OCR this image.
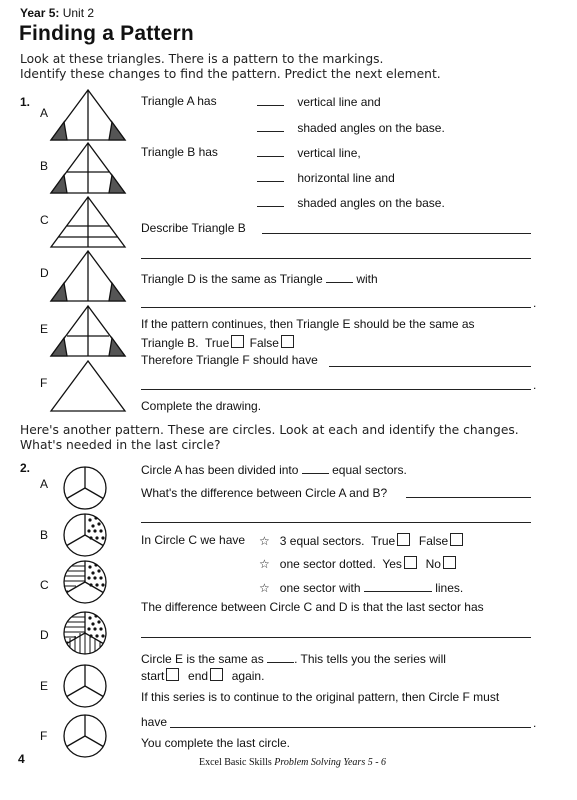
Year 5: Unit 2
Finding a Pattern
Look at these triangles. There is a pattern to the markings.
Identify these changes to find the pattern. Predict the next element.
1.
A
B
C
D
E
F
Triangle A has	vertical line and
shaded angles on the base.
Triangle B has	vertical line,
horizontal line and
shaded angles on the base.
Describe Triangle B
Triangle D is the same as Triangle	with
.
If the pattern continues, then Triangle E should be the same as
Triangle B. True False
Therefore Triangle F should have
.
Complete the drawing.
Here's another pattern. These are circles. Look at each and identify the changes.
What's needed in the last circle?
2.
A
B
C
D
E
F
Circle A has been divided into	equal sectors.
What's the difference between Circle A and B?
In Circle C we have ☆ 3 equal sectors. True False
☆ one sector dotted. Yes No
☆ one sector with	lines.
The difference between Circle C and D is that the last sector has
Circle E is the same as	. This tells you the series will
start end again.
If this series is to continue to the original pattern, then Circle F must
have	.
You complete the last circle.
4	Excel Basic Skills Problem Solving Years 5 - 6
